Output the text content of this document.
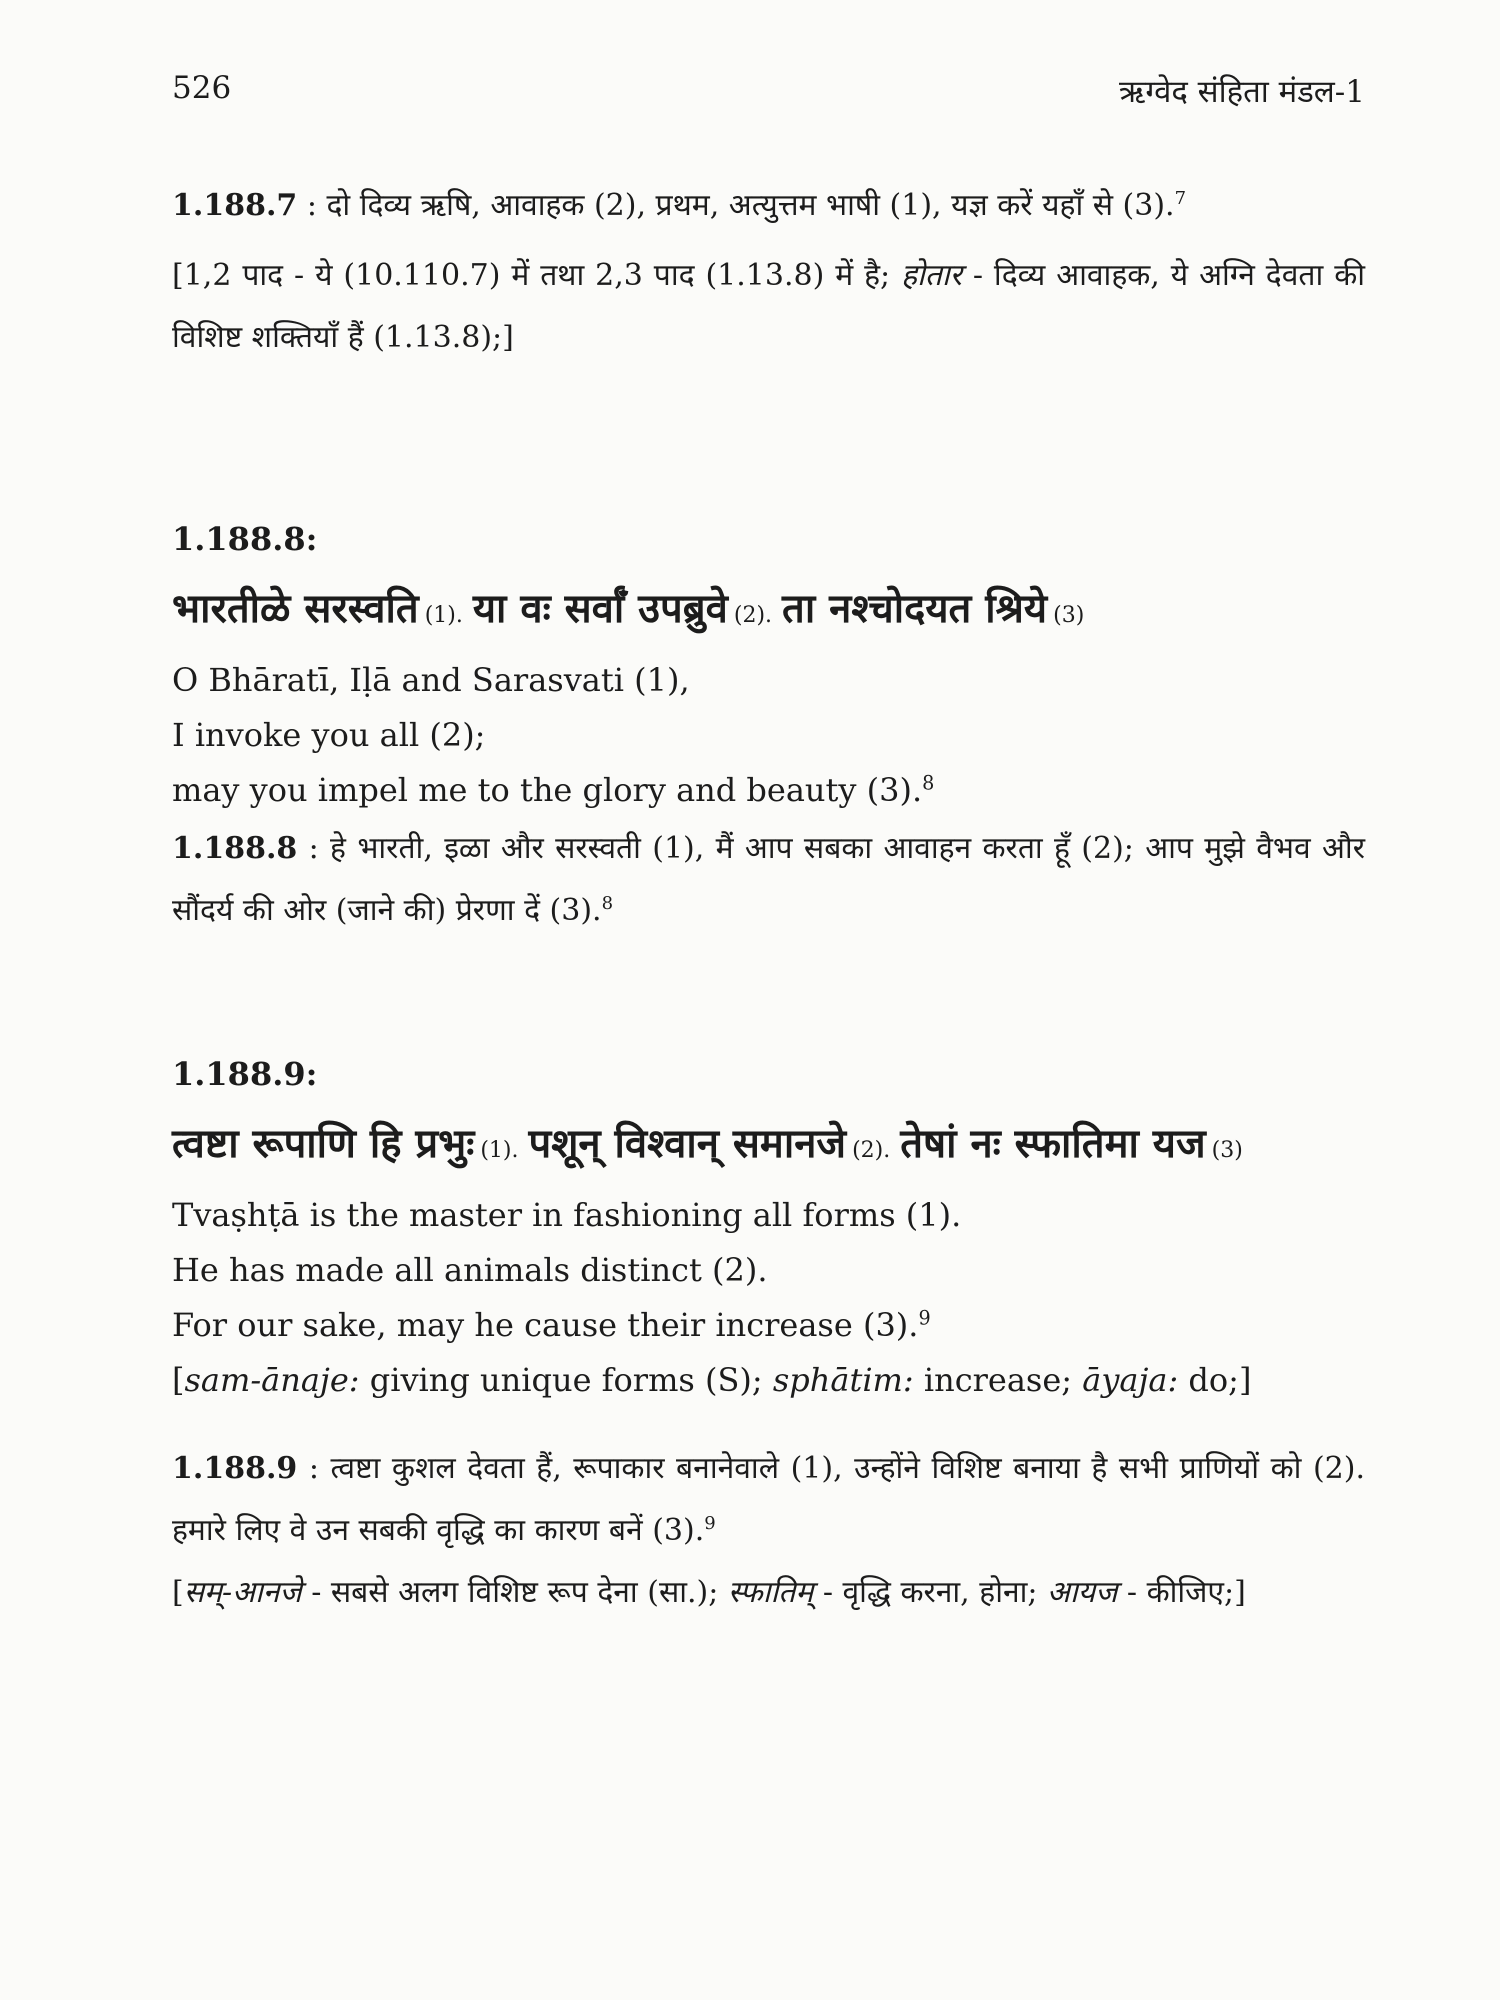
526	ऋग्वेद संहिता मंडल-1

1.188.7 : दो दिव्य ऋषि, आवाहक (2), प्रथम, अत्युत्तम भाषी (1), यज्ञ करें यहाँ से (3).$^7$

[1,2 पाद - ये (10.110.7) में तथा 2,3 पाद (1.13.8) में है; होतार - दिव्य आवाहक, ये अग्नि देवता की विशिष्ट शक्तियाँ हैं (1.13.8);]

1.188.8:
भारतीळे सरस्वति (1). या वः सर्वाँ उपब्रुवे (2). ता नश्चोदयत श्रिये (3)

O Bhāratī, Iḷā and Sarasvati (1),

I invoke you all (2);

may you impel me to the glory and beauty (3).$^8$

1.188.8 : हे भारती, इळा और सरस्वती (1), मैं आप सबका आवाहन करता हूँ (2); आप मुझे वैभव और सौंदर्य की ओर (जाने की) प्रेरणा दें (3).$^8$

1.188.9:
त्वष्टा रूपाणि हि प्रभुः (1). पशून् विश्वान् समानजे (2). तेषां नः स्फातिमा यज (3)

Tvaṣhṭā is the master in fashioning all forms (1).

He has made all animals distinct (2).

For our sake, may he cause their increase (3).$^9$

[sam-ānaje: giving unique forms (S); sphātim: increase; āyaja: do;]

1.188.9 : त्वष्टा कुशल देवता हैं, रूपाकार बनानेवाले (1), उन्होंने विशिष्ट बनाया है सभी प्राणियों को (2). हमारे लिए वे उन सबकी वृद्धि का कारण बनें (3).$^9$

[सम्-आनजे - सबसे अलग विशिष्ट रूप देना (सा.); स्फातिम् - वृद्धि करना, होना; आयज - कीजिए;]
